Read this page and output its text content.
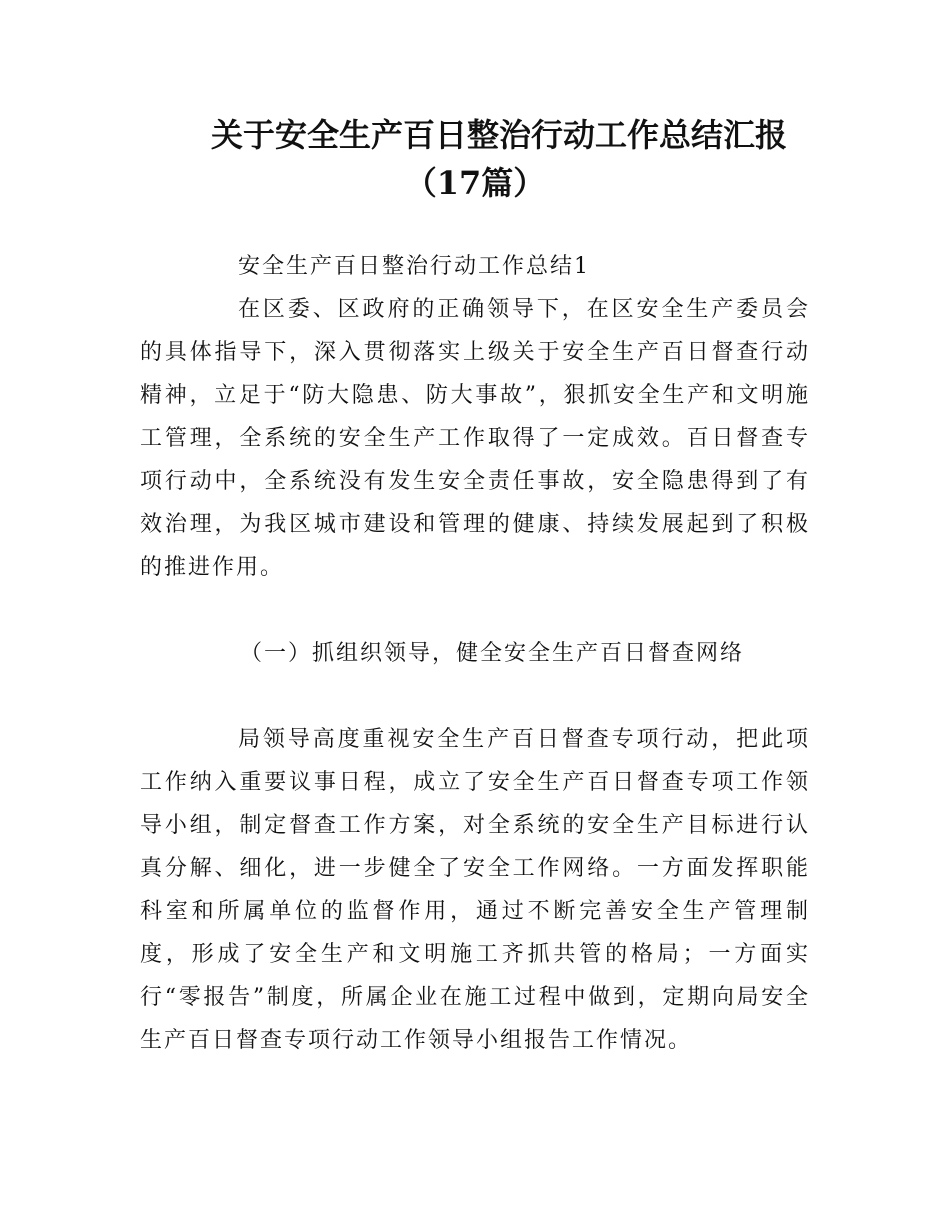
关于安全生产百日整治行动工作总结汇报
（17篇）

安全生产百日整治行动工作总结1

在区委、区政府的正确领导下，在区安全生产委员会的具体指导下，深入贯彻落实上级关于安全生产百日督查行动精神，立足于“防大隐患、防大事故”，狠抓安全生产和文明施工管理，全系统的安全生产工作取得了一定成效。百日督查专项行动中，全系统没有发生安全责任事故，安全隐患得到了有效治理，为我区城市建设和管理的健康、持续发展起到了积极的推进作用。

（一）抓组织领导，健全安全生产百日督查网络

局领导高度重视安全生产百日督查专项行动，把此项工作纳入重要议事日程，成立了安全生产百日督查专项工作领导小组，制定督查工作方案，对全系统的安全生产目标进行认真分解、细化，进一步健全了安全工作网络。一方面发挥职能科室和所属单位的监督作用，通过不断完善安全生产管理制度，形成了安全生产和文明施工齐抓共管的格局；一方面实行“零报告”制度，所属企业在施工过程中做到，定期向局安全生产百日督查专项行动工作领导小组报告工作情况。
